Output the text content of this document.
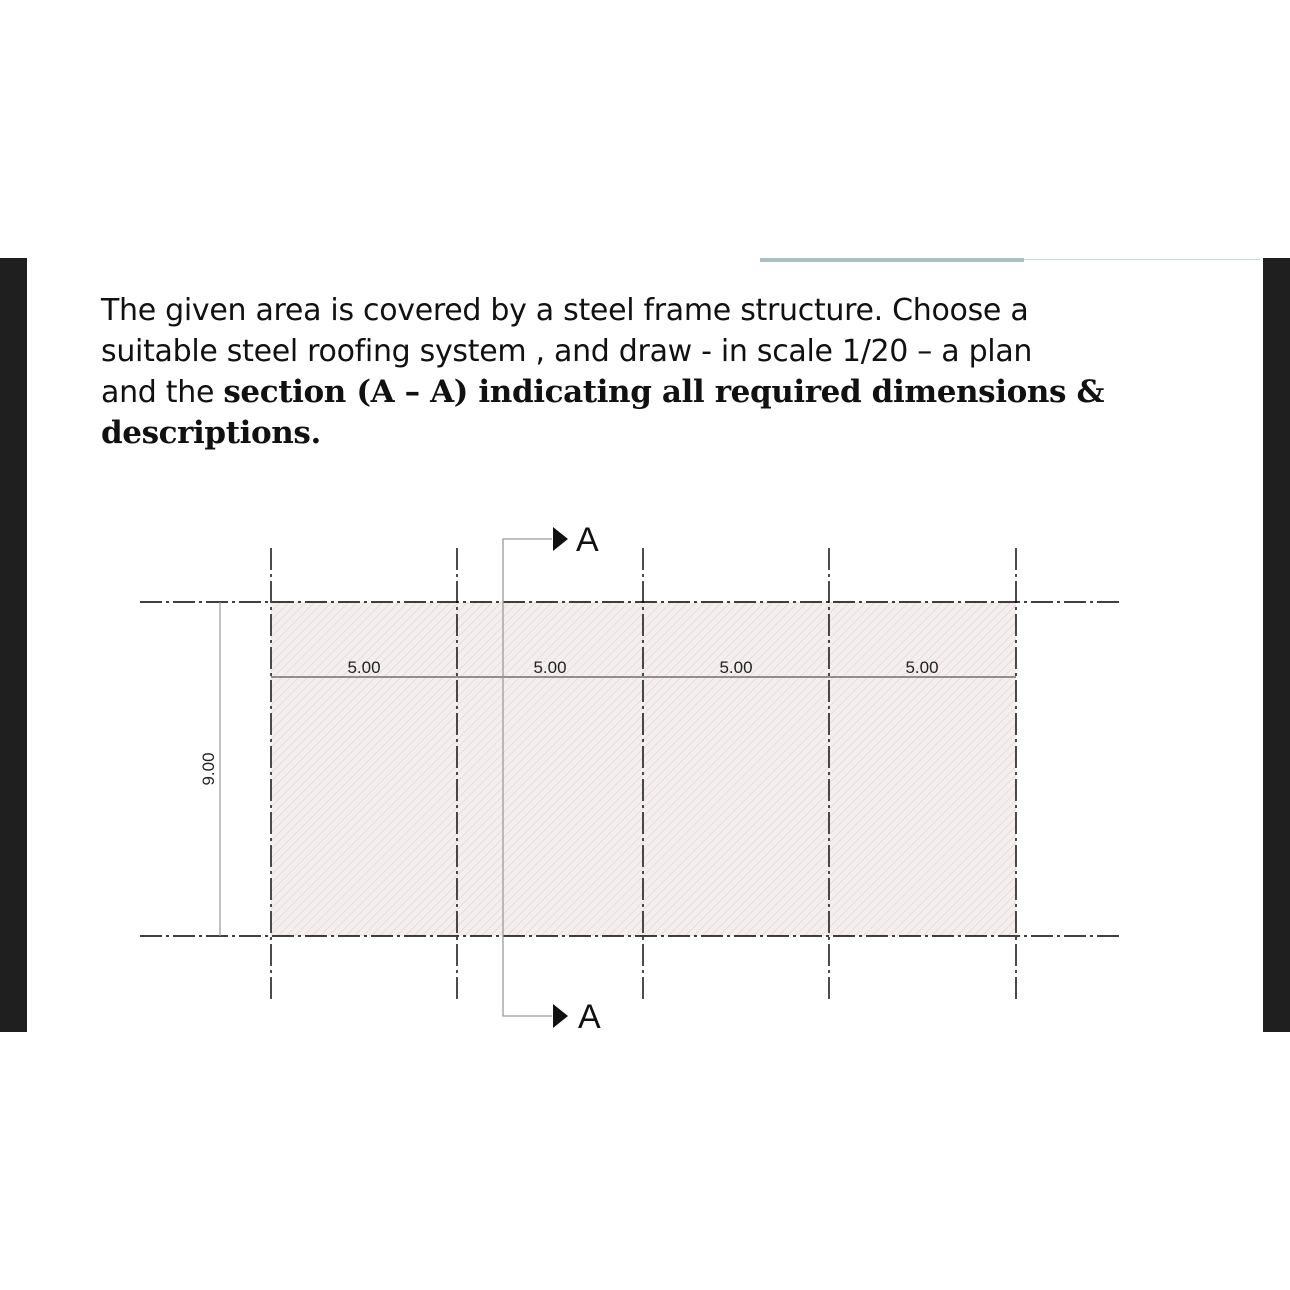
The given area is covered by a steel frame structure. Choose a
suitable steel roofing system , and draw - in scale 1/20 – a plan
and the section (A – A) indicating all required dimensions &
descriptions.
5.00	5.00	5.00	5.00
9.00
A
A
